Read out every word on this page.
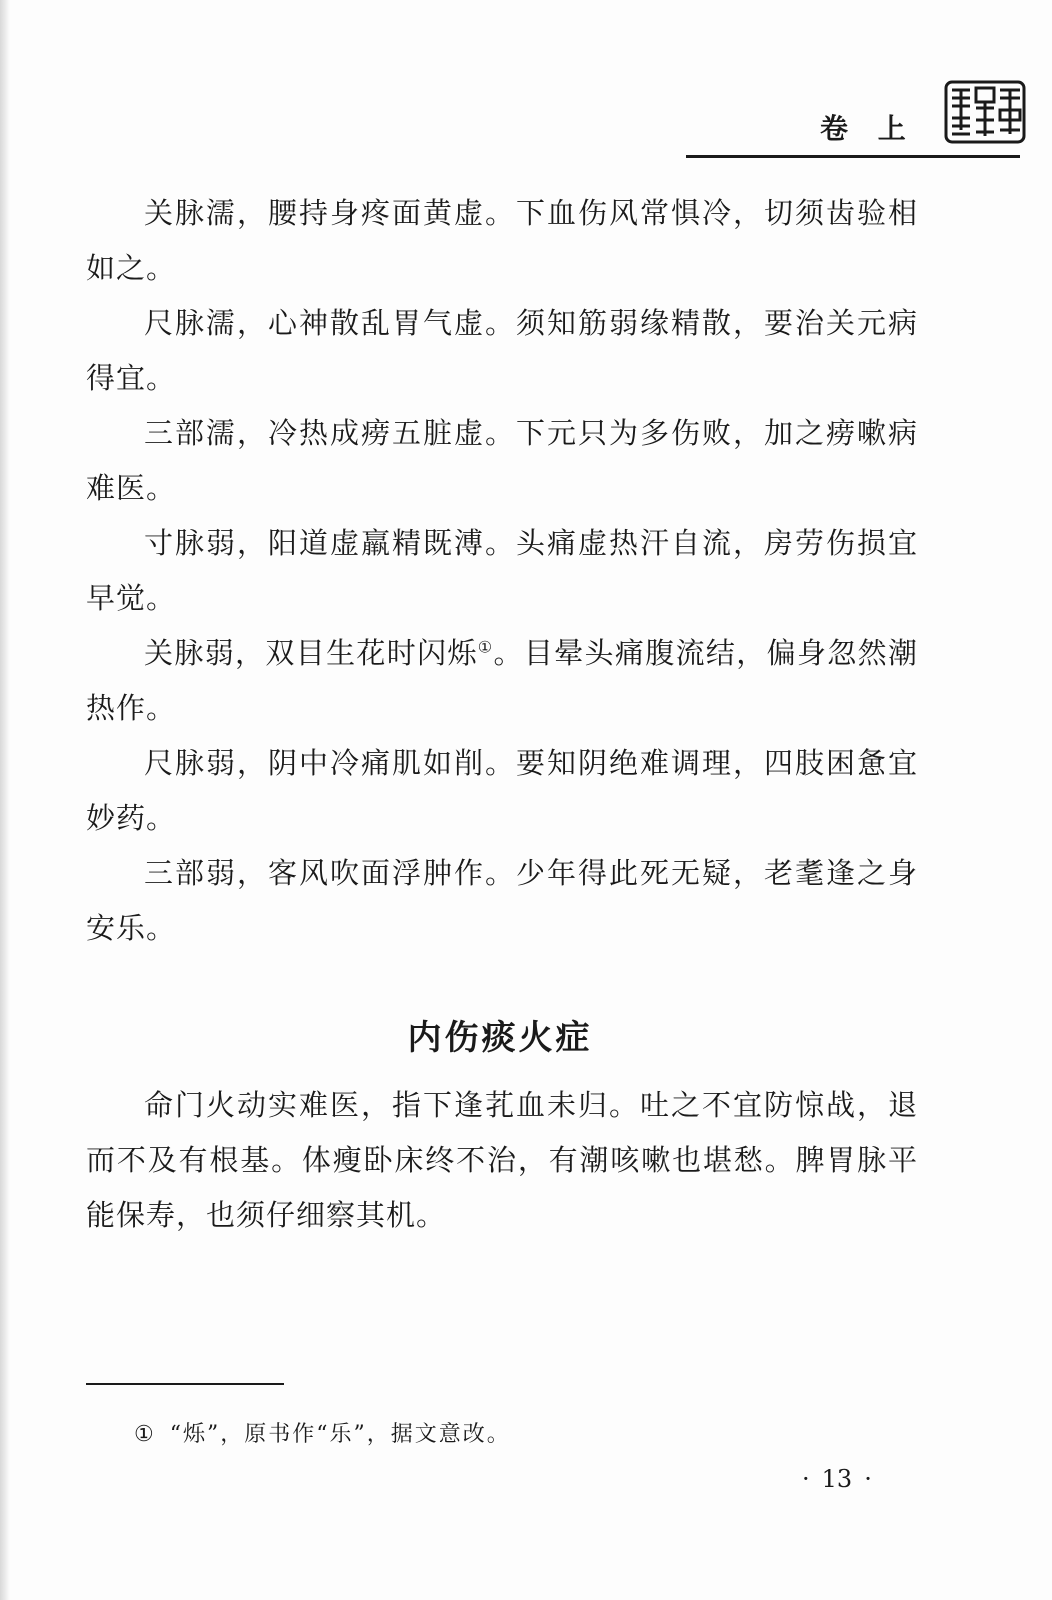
卷 上

关脉濡，腰持身疼面黄虚。下血伤风常惧冷，切须齿验相如之。

尺脉濡，心神散乱胃气虚。须知筋弱缘精散，要治关元病得宜。

三部濡，冷热成痨五脏虚。下元只为多伤败，加之痨嗽病难医。

寸脉弱，阳道虚羸精既溥。头痛虚热汗自流，房劳伤损宜早觉。

关脉弱，双目生花时闪烁①。目晕头痛腹流结，偏身忽然潮热作。

尺脉弱，阴中冷痛肌如削。要知阴绝难调理，四肢困惫宜妙药。

三部弱，客风吹面浮肿作。少年得此死无疑，老耄逢之身安乐。

内伤痰火症

命门火动实难医，指下逢芤血未归。吐之不宜防惊战，退而不及有根基。体瘦卧床终不治，有潮咳嗽也堪愁。脾胃脉平能保寿，也须仔细察其机。

① “烁”，原书作“乐”，据文意改。
· 13 ·
